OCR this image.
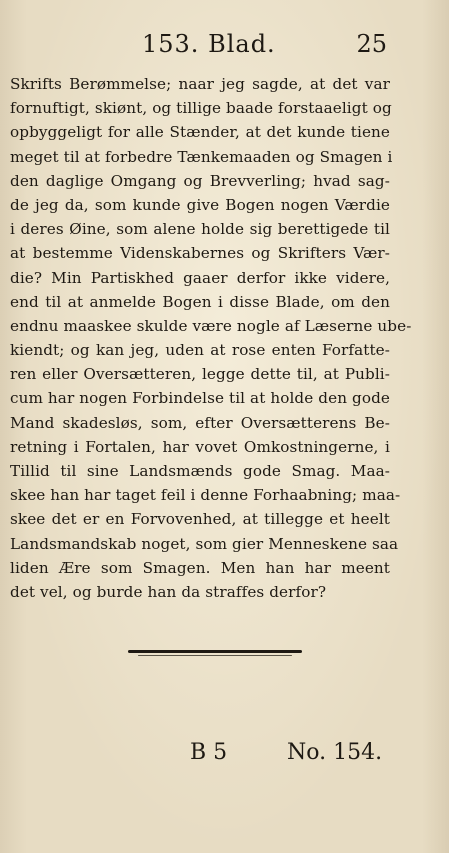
153. Blad.	25
Skrifts Berømmelse; naar jeg sagde, at det var
fornuftigt, skiønt, og tillige baade forstaaeligt og
opbyggeligt for alle Stænder, at det kunde tiene
meget til at forbedre Tænkemaaden og Smagen i
den daglige Omgang og Brevverling; hvad sag-
de jeg da, som kunde give Bogen nogen Værdie
i deres Øine, som alene holde sig berettigede til
at bestemme Videnskabernes og Skrifters Vær-
die? Min Partiskhed gaaer derfor ikke videre,
end til at anmelde Bogen i disse Blade, om den
endnu maaskee skulde være nogle af Læserne ube-
kiendt; og kan jeg, uden at rose enten Forfatte-
ren eller Oversætteren, legge dette til, at Publi-
cum har nogen Forbindelse til at holde den gode
Mand skadesløs, som, efter Oversætterens Be-
retning i Fortalen, har vovet Omkostningerne, i
Tillid til sine Landsmænds gode Smag. Maa-
skee han har taget feil i denne Forhaabning; maa-
skee det er en Forvovenhed, at tillegge et heelt
Landsmandskab noget, som gier Menneskene saa
liden Ære som Smagen. Men han har meent
det vel, og burde han da straffes derfor?
B 5	No. 154.
